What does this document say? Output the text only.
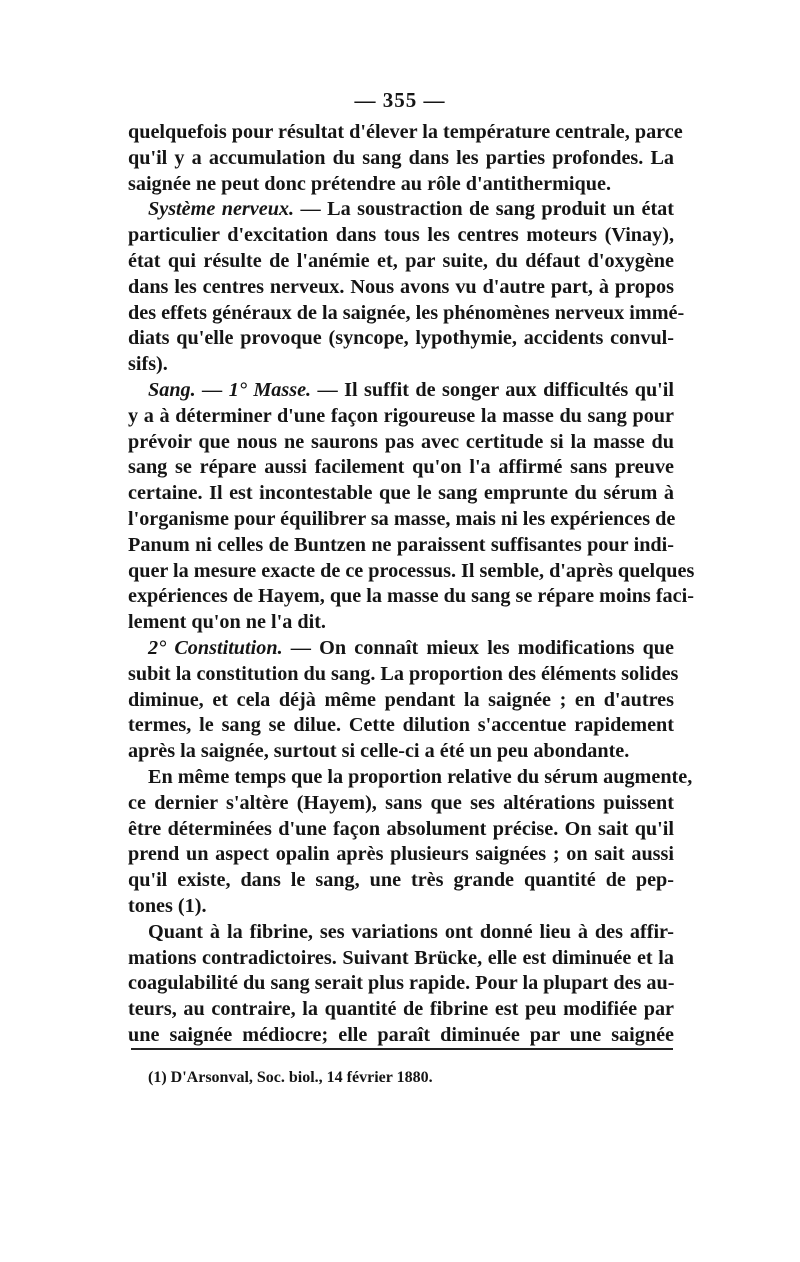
— 355 —
quelquefois pour résultat d'élever la température centrale, parce
qu'il y a accumulation du sang dans les parties profondes. La
saignée ne peut donc prétendre au rôle d'antithermique.
Système nerveux. — La soustraction de sang produit un état
particulier d'excitation dans tous les centres moteurs (Vinay),
état qui résulte de l'anémie et, par suite, du défaut d'oxygène
dans les centres nerveux. Nous avons vu d'autre part, à propos
des effets généraux de la saignée, les phénomènes nerveux immé-
diats qu'elle provoque (syncope, lypothymie, accidents convul-
sifs).
Sang. — 1° Masse. — Il suffit de songer aux difficultés qu'il
y a à déterminer d'une façon rigoureuse la masse du sang pour
prévoir que nous ne saurons pas avec certitude si la masse du
sang se répare aussi facilement qu'on l'a affirmé sans preuve
certaine. Il est incontestable que le sang emprunte du sérum à
l'organisme pour équilibrer sa masse, mais ni les expériences de
Panum ni celles de Buntzen ne paraissent suffisantes pour indi-
quer la mesure exacte de ce processus. Il semble, d'après quelques
expériences de Hayem, que la masse du sang se répare moins faci-
lement qu'on ne l'a dit.
2° Constitution. — On connaît mieux les modifications que
subit la constitution du sang. La proportion des éléments solides
diminue, et cela déjà même pendant la saignée ; en d'autres
termes, le sang se dilue. Cette dilution s'accentue rapidement
après la saignée, surtout si celle-ci a été un peu abondante.
En même temps que la proportion relative du sérum augmente,
ce dernier s'altère (Hayem), sans que ses altérations puissent
être déterminées d'une façon absolument précise. On sait qu'il
prend un aspect opalin après plusieurs saignées ; on sait aussi
qu'il existe, dans le sang, une très grande quantité de pep-
tones (1).
Quant à la fibrine, ses variations ont donné lieu à des affir-
mations contradictoires. Suivant Brücke, elle est diminuée et la
coagulabilité du sang serait plus rapide. Pour la plupart des au-
teurs, au contraire, la quantité de fibrine est peu modifiée par
une saignée médiocre; elle paraît diminuée par une saignée
(1) D'Arsonval, Soc. biol., 14 février 1880.
